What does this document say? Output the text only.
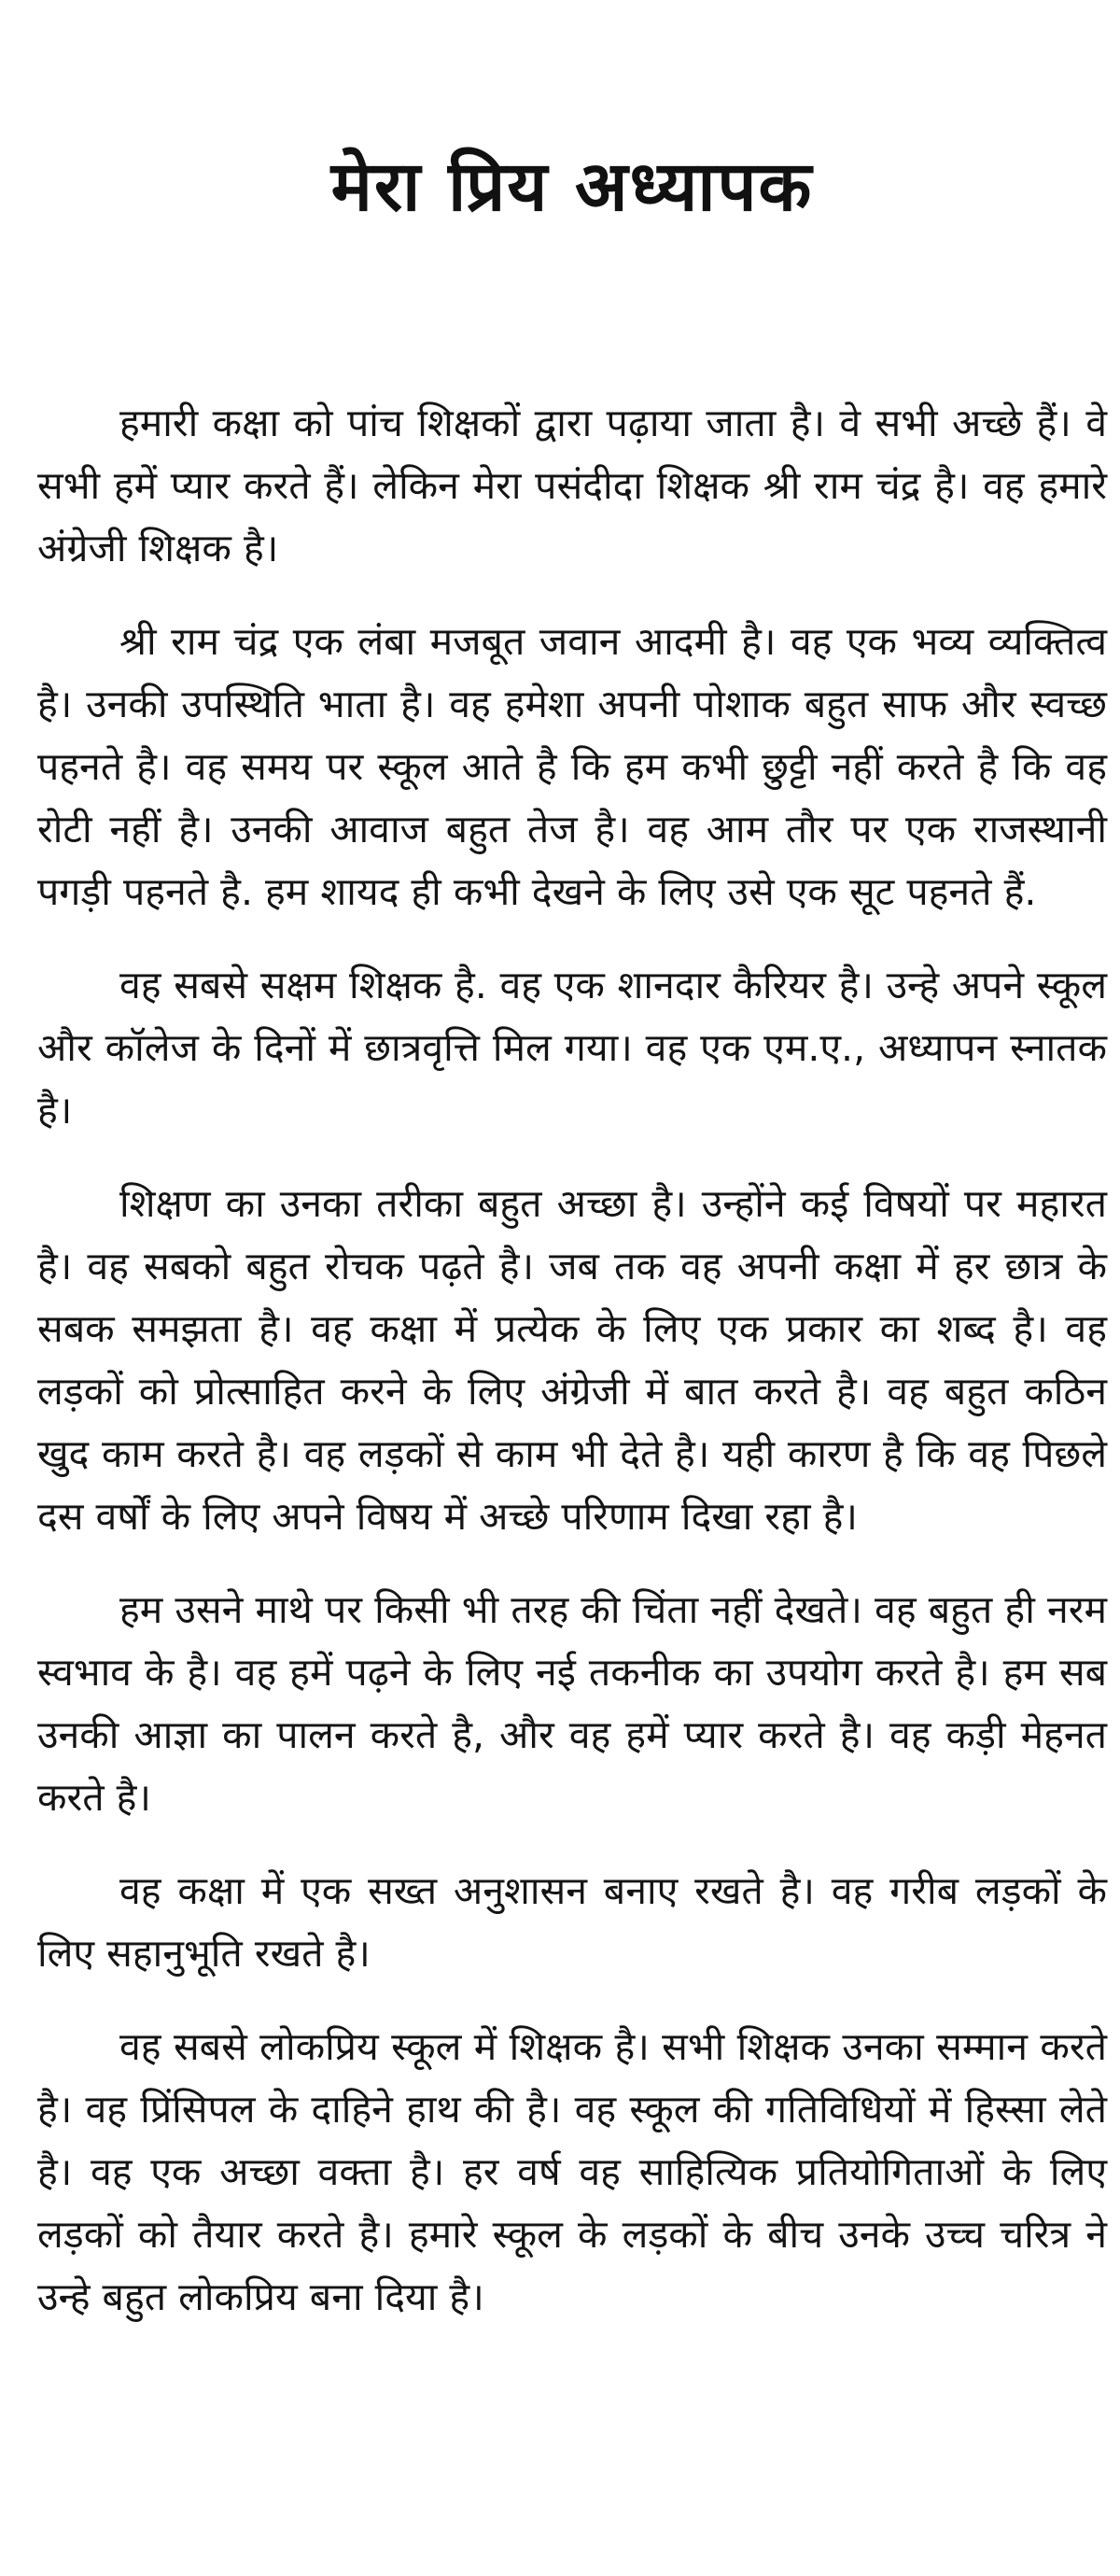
मेरा प्रिय अध्यापक

हमारी कक्षा को पांच शिक्षकों द्वारा पढ़ाया जाता है। वे सभी अच्छे हैं। वे सभी हमें प्यार करते हैं। लेकिन मेरा पसंदीदा शिक्षक श्री राम चंद्र है। वह हमारे अंग्रेजी शिक्षक है।

श्री राम चंद्र एक लंबा मजबूत जवान आदमी है। वह एक भव्य व्यक्तित्व है। उनकी उपस्थिति भाता है। वह हमेशा अपनी पोशाक बहुत साफ और स्वच्छ पहनते है। वह समय पर स्कूल आते है कि हम कभी छुट्टी नहीं करते है कि वह रोटी नहीं है। उनकी आवाज बहुत तेज है। वह आम तौर पर एक राजस्थानी पगड़ी पहनते है. हम शायद ही कभी देखने के लिए उसे एक सूट पहनते हैं.

वह सबसे सक्षम शिक्षक है. वह एक शानदार कैरियर है। उन्हे अपने स्कूल और कॉलेज के दिनों में छात्रवृत्ति मिल गया। वह एक एम.ए., अध्यापन स्नातक है।

शिक्षण का उनका तरीका बहुत अच्छा है। उन्होंने कई विषयों पर महारत है। वह सबको बहुत रोचक पढ़ते है। जब तक वह अपनी कक्षा में हर छात्र के सबक समझता है। वह कक्षा में प्रत्येक के लिए एक प्रकार का शब्द है। वह लड़कों को प्रोत्साहित करने के लिए अंग्रेजी में बात करते है। वह बहुत कठिन खुद काम करते है। वह लड़कों से काम भी देते है। यही कारण है कि वह पिछले दस वर्षों के लिए अपने विषय में अच्छे परिणाम दिखा रहा है।

हम उसने माथे पर किसी भी तरह की चिंता नहीं देखते। वह बहुत ही नरम स्वभाव के है। वह हमें पढ़ने के लिए नई तकनीक का उपयोग करते है। हम सब उनकी आज्ञा का पालन करते है, और वह हमें प्यार करते है। वह कड़ी मेहनत करते है।

वह कक्षा में एक सख्त अनुशासन बनाए रखते है। वह गरीब लड़कों के लिए सहानुभूति रखते है।

वह सबसे लोकप्रिय स्कूल में शिक्षक है। सभी शिक्षक उनका सम्मान करते है। वह प्रिंसिपल के दाहिने हाथ की है। वह स्कूल की गतिविधियों में हिस्सा लेते है। वह एक अच्छा वक्ता है। हर वर्ष वह साहित्यिक प्रतियोगिताओं के लिए लड़कों को तैयार करते है। हमारे स्कूल के लड़कों के बीच उनके उच्च चरित्र ने उन्हे बहुत लोकप्रिय बना दिया है।
